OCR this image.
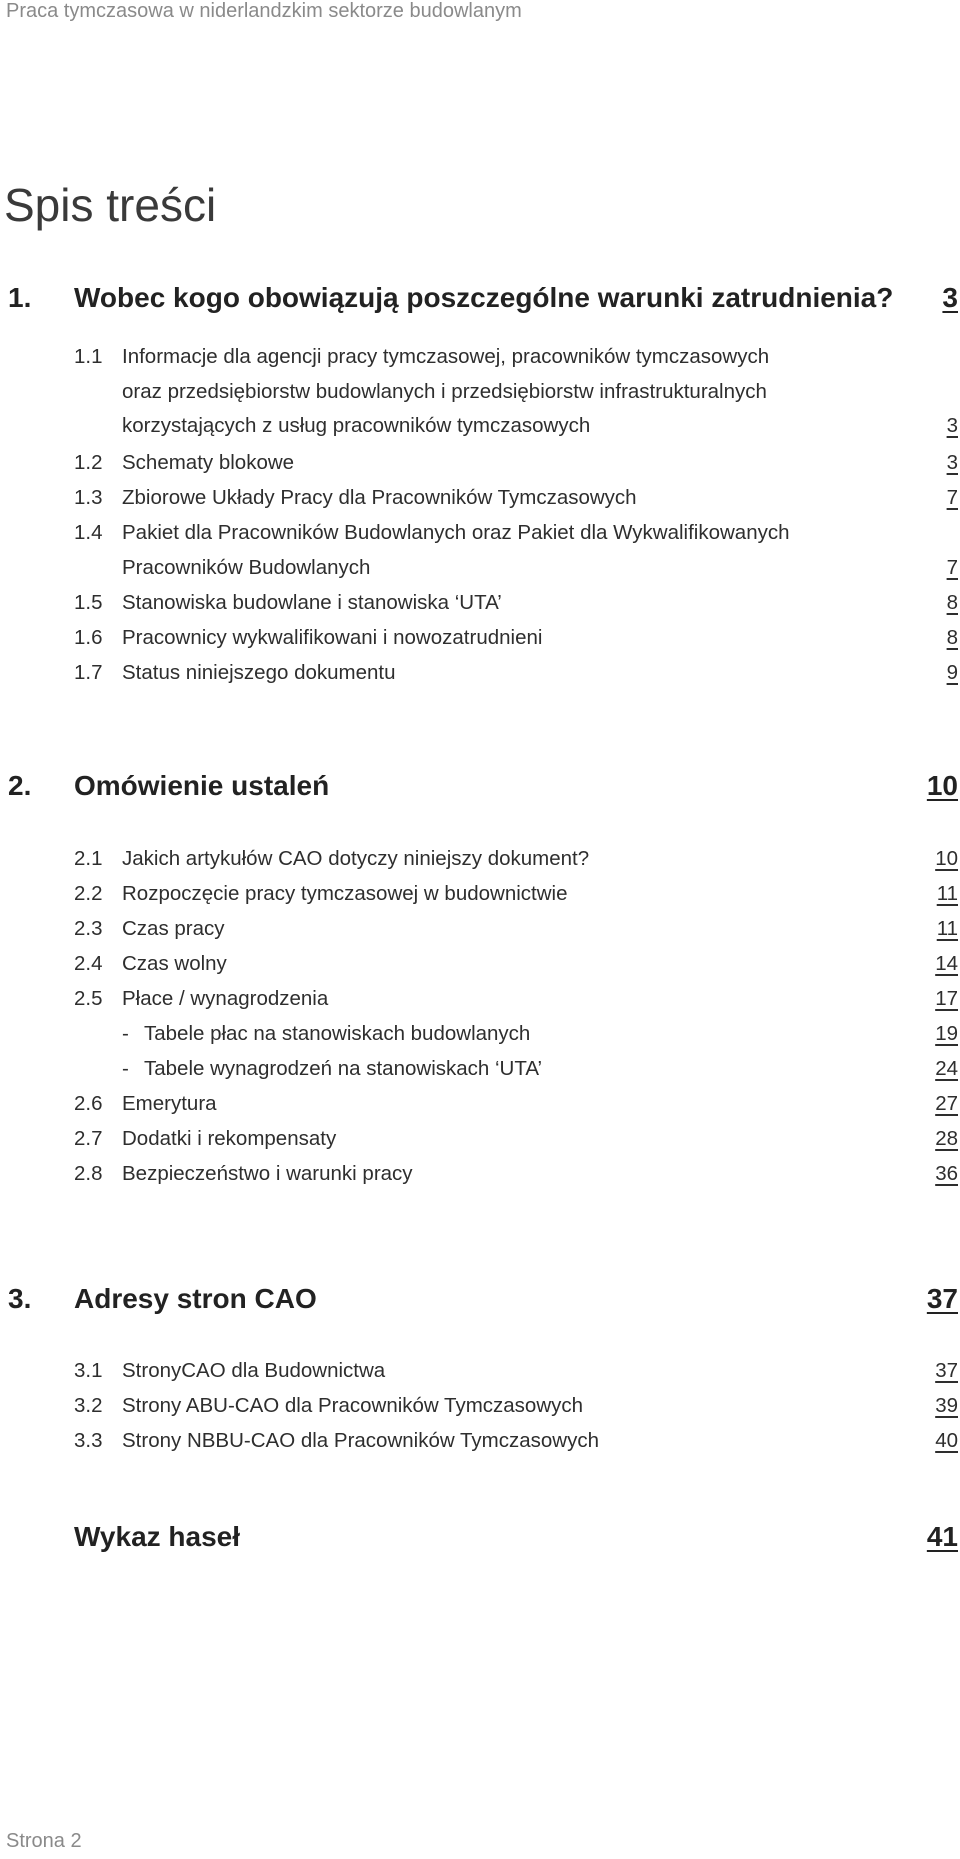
Praca tymczasowa w niderlandzkim sektorze budowlanym
Spis treści
1. Wobec kogo obowiązują poszczególne warunki zatrudnienia? 3
1.1 Informacje dla agencji pracy tymczasowej, pracowników tymczasowych
oraz przedsiębiorstw budowlanych i przedsiębiorstw infrastrukturalnych
korzystających z usług pracowników tymczasowych	3
1.2 Schematy blokowe	3
1.3 Zbiorowe Układy Pracy dla Pracowników Tymczasowych	7
1.4 Pakiet dla Pracowników Budowlanych oraz Pakiet dla Wykwalifikowanych
Pracowników Budowlanych	7
1.5 Stanowiska budowlane i stanowiska ‘UTA’	8
1.6 Pracownicy wykwalifikowani i nowozatrudnieni	8
1.7 Status niniejszego dokumentu	9
2. Omówienie ustaleń	10
2.1 Jakich artykułów CAO dotyczy niniejszy dokument?	10
2.2 Rozpoczęcie pracy tymczasowej w budownictwie	11
2.3 Czas pracy	11
2.4 Czas wolny	14
2.5 Płace / wynagrodzenia	17
- Tabele płac na stanowiskach budowlanych	19
- Tabele wynagrodzeń na stanowiskach ‘UTA’	24
2.6 Emerytura	27
2.7 Dodatki i rekompensaty	28
2.8 Bezpieczeństwo i warunki pracy	36
3. Adresy stron CAO	37
3.1 StronyCAO dla Budownictwa	37
3.2 Strony ABU-CAO dla Pracowników Tymczasowych	39
3.3 Strony NBBU-CAO dla Pracowników Tymczasowych	40
Wykaz haseł	41
Strona 2
